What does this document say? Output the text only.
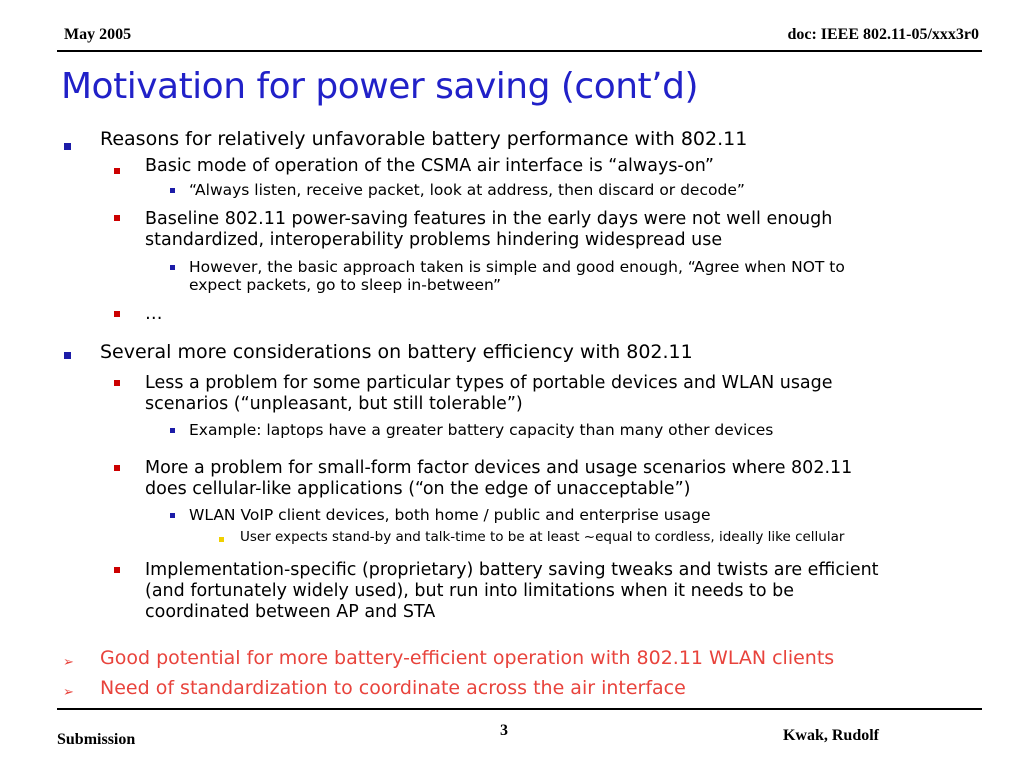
May 2005	doc: IEEE 802.11-05/xxx3r0
Motivation for power saving (cont’d)
Reasons for relatively unfavorable battery performance with 802.11
Basic mode of operation of the CSMA air interface is “always-on”
“Always listen, receive packet, look at address, then discard or decode”
Baseline 802.11 power-saving features in the early days were not well enough
standardized, interoperability problems hindering widespread use
However, the basic approach taken is simple and good enough, “Agree when NOT to
expect packets, go to sleep in-between”
…
Several more considerations on battery efficiency with 802.11
Less a problem for some particular types of portable devices and WLAN usage
scenarios (“unpleasant, but still tolerable”)
Example: laptops have a greater battery capacity than many other devices
More a problem for small-form factor devices and usage scenarios where 802.11
does cellular-like applications (“on the edge of unacceptable”)
WLAN VoIP client devices, both home / public and enterprise usage
User expects stand-by and talk-time to be at least ~equal to cordless, ideally like cellular
Implementation-specific (proprietary) battery saving tweaks and twists are efficient
(and fortunately widely used), but run into limitations when it needs to be
coordinated between AP and STA
➢ Good potential for more battery-efficient operation with 802.11 WLAN clients
➢ Need of standardization to coordinate across the air interface
Submission
3	Kwak, Rudolf
